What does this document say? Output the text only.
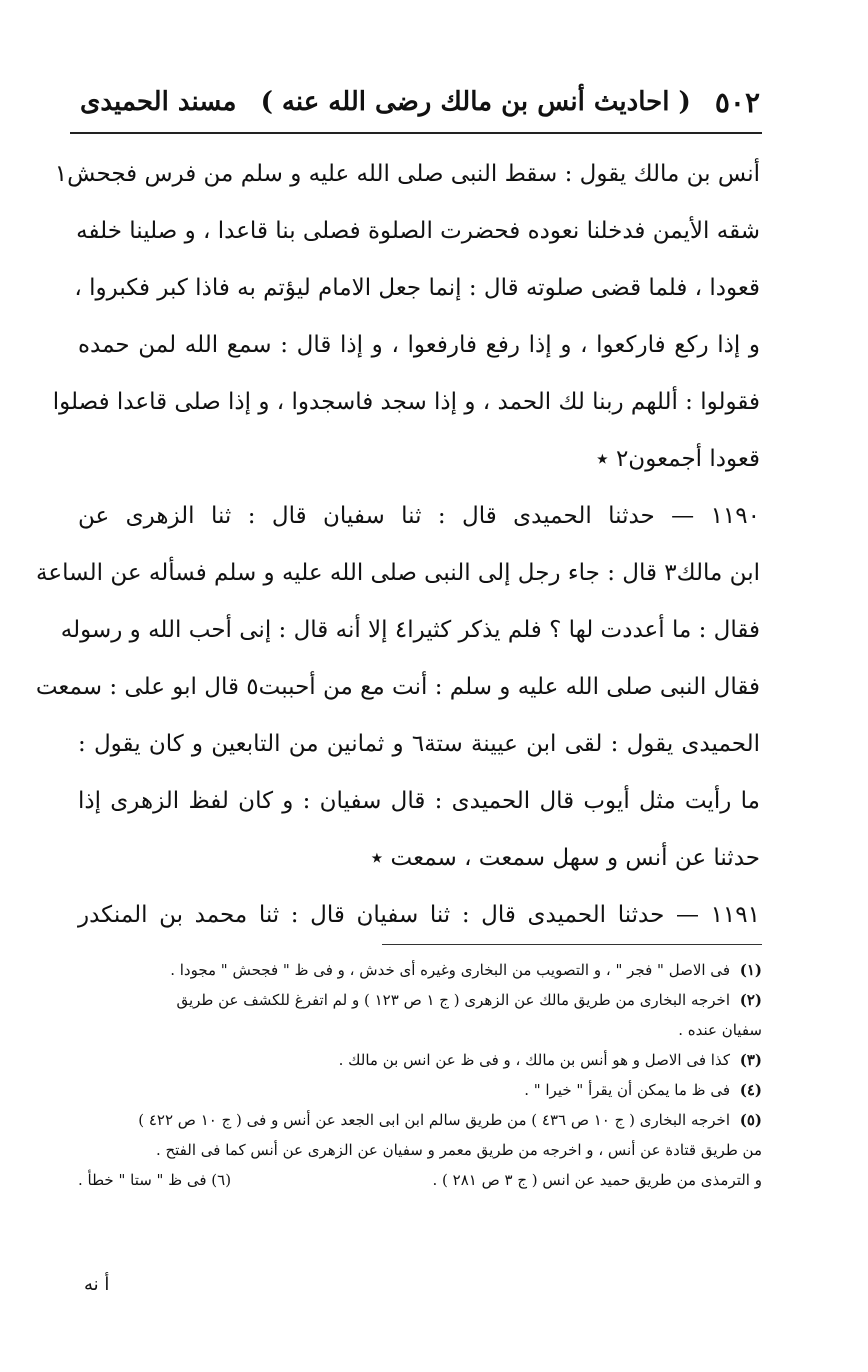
٥٠٢
( احاديث أنس بن مالك رضى الله عنه )
مسند الحميدى
أنس بن مالك يقول : سقط النبى صلى الله عليه و سلم من فرس فجحش١
شقه الأيمن فدخلنا نعوده فحضرت الصلوة فصلى بنا قاعدا ، و صلينا خلفه
قعودا ، فلما قضى صلوته قال : إنما جعل الامام ليؤتم به فاذا كبر فكبروا ،
و إذا ركع فاركعوا ، و إذا رفع فارفعوا ، و إذا قال : سمع الله لمن حمده
فقولوا : أللهم ربنا لك الحمد ، و إذا سجد فاسجدوا ، و إذا صلى قاعدا فصلوا
قعودا أجمعون٢ ٭
١١٩٠ — حدثنا الحميدى قال : ثنا سفيان قال : ثنا الزهرى عن
ابن مالك٣ قال : جاء رجل إلى النبى صلى الله عليه و سلم فسأله عن الساعة
فقال : ما أعددت لها ؟ فلم يذكر كثيرا٤ إلا أنه قال : إنى أحب الله و رسوله
فقال النبى صلى الله عليه و سلم : أنت مع من أحببت٥ قال ابو على : سمعت
الحميدى يقول : لقى ابن عيينة ستة٦ و ثمانين من التابعين و كان يقول :
ما رأيت مثل أيوب قال الحميدى : قال سفيان : و كان لفظ الزهرى إذا
حدثنا عن أنس و سهل سمعت ، سمعت ٭
١١٩١ — حدثنا الحميدى قال : ثنا سفيان قال : ثنا محمد بن المنكدر
(١)
فى الاصل " فجر " ، و التصويب من البخارى وغيره أى خدش ، و فى ظ " فجحش " مجودا .
(٢)
اخرجه البخارى من طريق مالك عن الزهرى ( ج ١ ص ١٢٣ ) و لم اتفرغ للكشف عن طريق
سفيان عنده .
(٣)
كذا فى الاصل و هو أنس بن مالك ، و فى ظ عن انس بن مالك .
(٤)
فى ظ ما يمكن أن يقرأ " خيرا " .
(٥)
اخرجه البخارى ( ج ١٠ ص ٤٣٦ ) من طريق سالم ابن ابى الجعد عن أنس و فى ( ج ١٠ ص ٤٢٢ )
من طريق قتادة عن أنس ، و اخرجه من طريق معمر و سفيان عن الزهرى عن أنس كما فى الفتح .
و الترمذى من طريق حميد عن انس ( ج ٣ ص ٢٨١ ) .
(٦) فى ظ " ستا " خطأ .
أ نه
